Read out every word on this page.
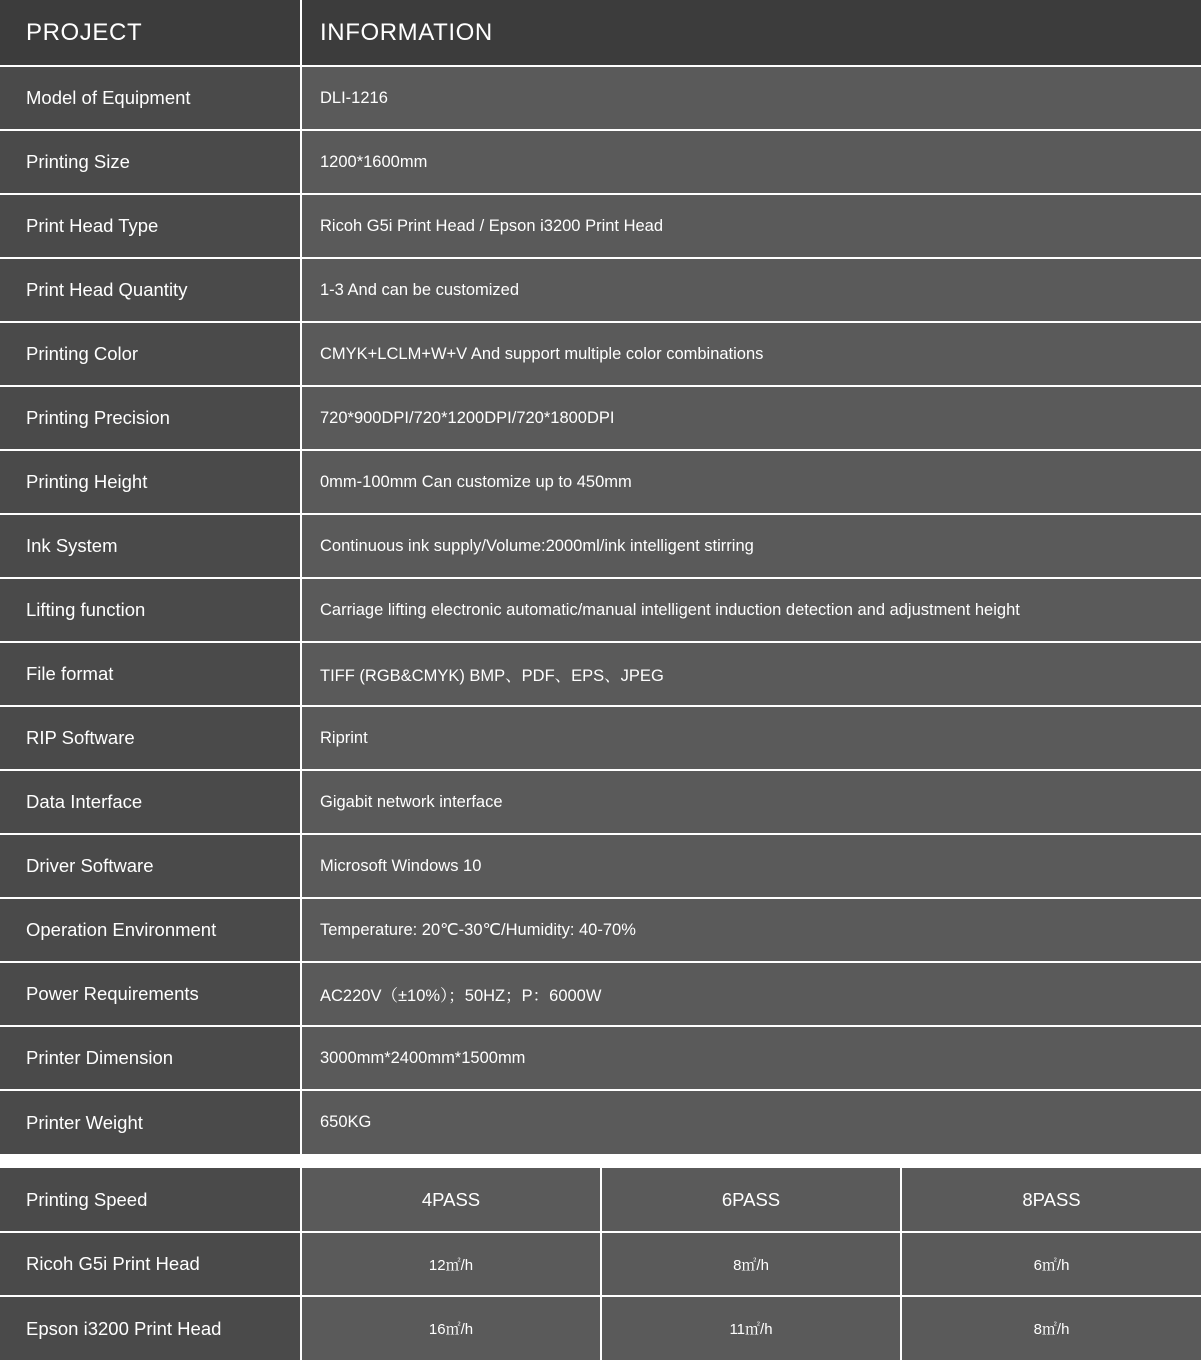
PROJECT	INFORMATION
Model of Equipment	DLI-1216
Printing Size	1200*1600mm
Print Head Type	Ricoh G5i Print Head / Epson i3200 Print Head
Print Head Quantity	1-3 And can be customized
Printing Color	CMYK+LCLM+W+V And support multiple color combinations
Printing Precision	720*900DPI/720*1200DPI/720*1800DPI
Printing Height	0mm-100mm Can customize up to 450mm
Ink System	Continuous ink supply/Volume:2000ml/ink intelligent stirring
Lifting function	Carriage lifting electronic automatic/manual intelligent induction detection and adjustment height
File format	TIFF (RGB&CMYK) BMP、PDF、EPS、JPEG
RIP Software	Riprint
Data Interface	Gigabit network interface
Driver Software	Microsoft Windows 10
Operation Environment	Temperature: 20℃-30℃/Humidity: 40-70%
Power Requirements	AC220V（±10%）；50HZ；P：6000W
Printer Dimension	3000mm*2400mm*1500mm
Printer Weight	650KG
Printing Speed	4PASS	6PASS	8PASS
Ricoh G5i Print Head	12㎡/h	8㎡/h	6㎡/h
Epson i3200 Print Head	16㎡/h	11㎡/h	8㎡/h
